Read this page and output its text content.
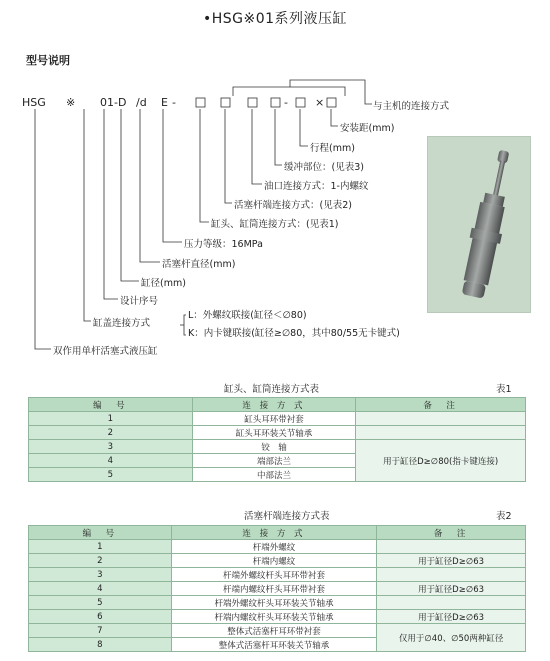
•HSG※01系列液压缸
型号说明
HSG ※ 01-D /d E -	- ×	与主机的连接方式
安装距(mm)
行程(mm)
缓冲部位：(见表3)
油口连接方式：1-内螺纹
活塞杆端连接方式：(见表2)
缸头、缸筒连接方式：(见表1)
压力等级：16MPa
活塞杆直径(mm)
缸径(mm)
设计序号
缸盖连接方式
L：外螺纹联接(缸径＜∅80)
K：内卡键联接(缸径≥∅80，其中80/55无卡键式)
双作用单杆活塞式液压缸
缸头、缸筒连接方式表	表1
编　号	连 接 方 式	备　注
1	缸头耳环带衬套	
2	缸头耳环装关节轴承	
3	铰　轴	用于缸径D≥∅80(指卡键连接)
4	端部法兰	
5	中部法兰	
活塞杆端连接方式表	表2
编　号	连 接 方 式	备　注
1	杆端外螺纹	
2	杆端内螺纹	用于缸径D≥∅63
3	杆端外螺纹杆头耳环带衬套	
4	杆端内螺纹杆头耳环带衬套	用于缸径D≥∅63
5	杆端外螺纹杆头耳环装关节轴承	
6	杆端内螺纹杆头耳环装关节轴承	用于缸径D≥∅63
7	整体式活塞杆耳环带衬套	仅用于∅40、∅50两种缸径
8	整体式活塞杆耳环装关节轴承	
